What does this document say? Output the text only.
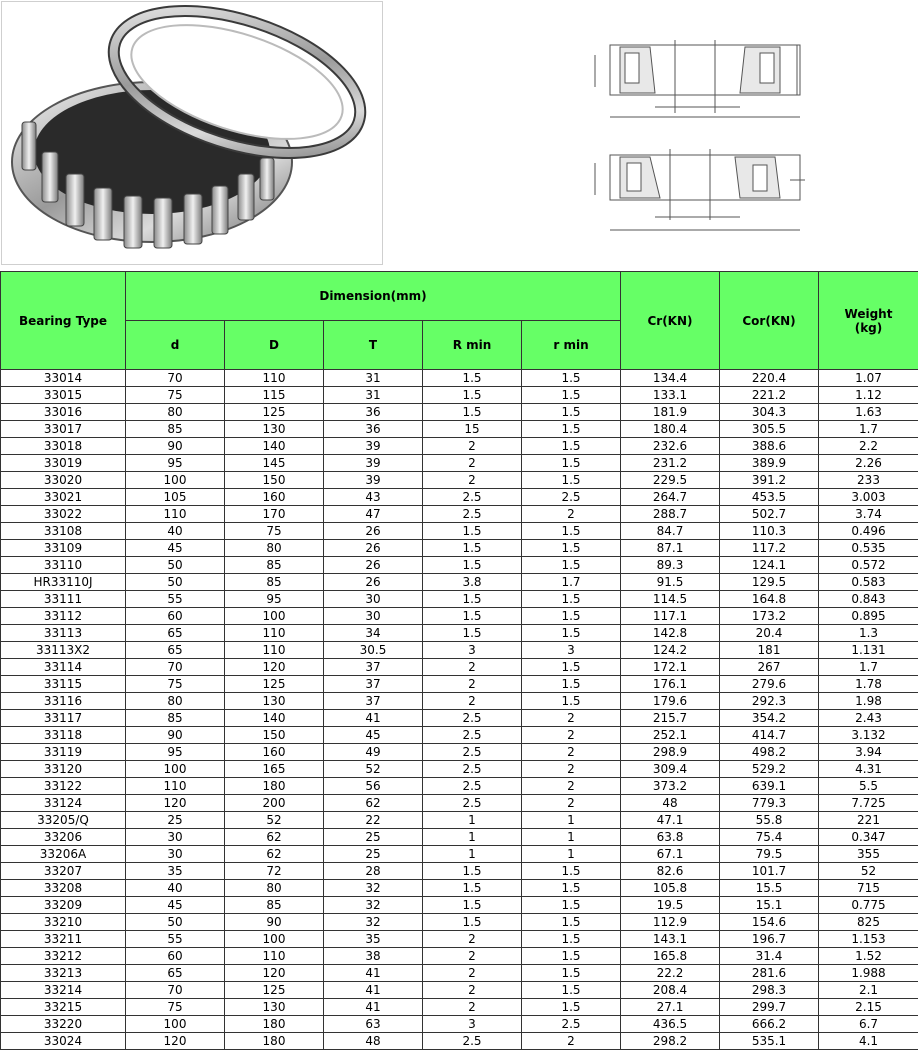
Bearing Type	Dimension(mm)					Cr(KN)	Cor(KN)	Weight
(kg)
	d	D	T	R min	r min			
33014	70	110	31	1.5	1.5	134.4	220.4	1.07
33015	75	115	31	1.5	1.5	133.1	221.2	1.12
33016	80	125	36	1.5	1.5	181.9	304.3	1.63
33017	85	130	36	15	1.5	180.4	305.5	1.7
33018	90	140	39	2	1.5	232.6	388.6	2.2
33019	95	145	39	2	1.5	231.2	389.9	2.26
33020	100	150	39	2	1.5	229.5	391.2	233
33021	105	160	43	2.5	2.5	264.7	453.5	3.003
33022	110	170	47	2.5	2	288.7	502.7	3.74
33108	40	75	26	1.5	1.5	84.7	110.3	0.496
33109	45	80	26	1.5	1.5	87.1	117.2	0.535
33110	50	85	26	1.5	1.5	89.3	124.1	0.572
HR33110J	50	85	26	3.8	1.7	91.5	129.5	0.583
33111	55	95	30	1.5	1.5	114.5	164.8	0.843
33112	60	100	30	1.5	1.5	117.1	173.2	0.895
33113	65	110	34	1.5	1.5	142.8	20.4	1.3
33113X2	65	110	30.5	3	3	124.2	181	1.131
33114	70	120	37	2	1.5	172.1	267	1.7
33115	75	125	37	2	1.5	176.1	279.6	1.78
33116	80	130	37	2	1.5	179.6	292.3	1.98
33117	85	140	41	2.5	2	215.7	354.2	2.43
33118	90	150	45	2.5	2	252.1	414.7	3.132
33119	95	160	49	2.5	2	298.9	498.2	3.94
33120	100	165	52	2.5	2	309.4	529.2	4.31
33122	110	180	56	2.5	2	373.2	639.1	5.5
33124	120	200	62	2.5	2	48	779.3	7.725
33205/Q	25	52	22	1	1	47.1	55.8	221
33206	30	62	25	1	1	63.8	75.4	0.347
33206A	30	62	25	1	1	67.1	79.5	355
33207	35	72	28	1.5	1.5	82.6	101.7	52
33208	40	80	32	1.5	1.5	105.8	15.5	715
33209	45	85	32	1.5	1.5	19.5	15.1	0.775
33210	50	90	32	1.5	1.5	112.9	154.6	825
33211	55	100	35	2	1.5	143.1	196.7	1.153
33212	60	110	38	2	1.5	165.8	31.4	1.52
33213	65	120	41	2	1.5	22.2	281.6	1.988
33214	70	125	41	2	1.5	208.4	298.3	2.1
33215	75	130	41	2	1.5	27.1	299.7	2.15
33220	100	180	63	3	2.5	436.5	666.2	6.7
33024	120	180	48	2.5	2	298.2	535.1	4.1
